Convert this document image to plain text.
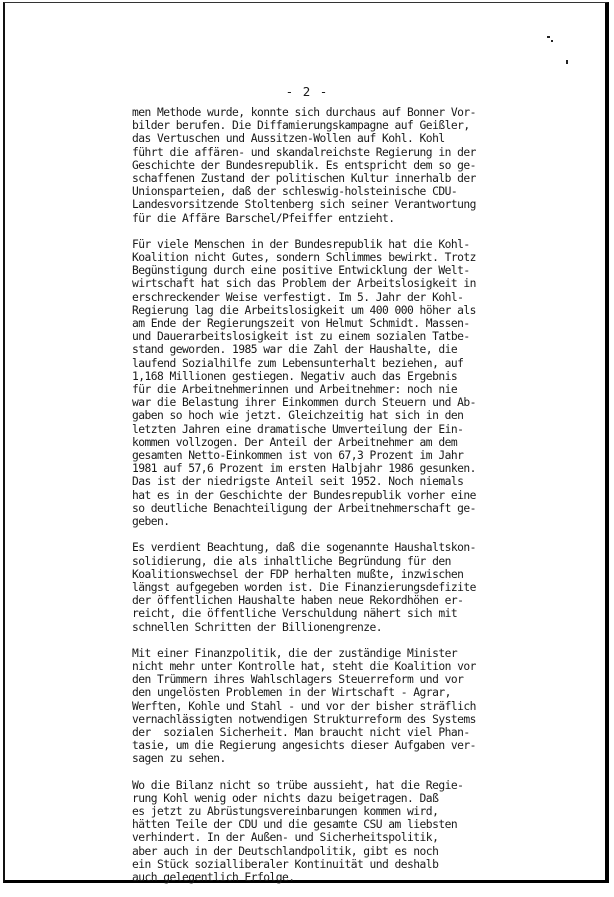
- 2 -
men Methode wurde, konnte sich durchaus auf Bonner Vor-
bilder berufen. Die Diffamierungskampagne auf Geißler,
das Vertuschen und Aussitzen-Wollen auf Kohl. Kohl
führt die affären- und skandalreichste Regierung in der
Geschichte der Bundesrepublik. Es entspricht dem so ge-
schaffenen Zustand der politischen Kultur innerhalb der
Unionsparteien, daß der schleswig-holsteinische CDU-
Landesvorsitzende Stoltenberg sich seiner Verantwortung
für die Affäre Barschel/Pfeiffer entzieht.
Für viele Menschen in der Bundesrepublik hat die Kohl-
Koalition nicht Gutes, sondern Schlimmes bewirkt. Trotz
Begünstigung durch eine positive Entwicklung der Welt-
wirtschaft hat sich das Problem der Arbeitslosigkeit in
erschreckender Weise verfestigt. Im 5. Jahr der Kohl-
Regierung lag die Arbeitslosigkeit um 400 000 höher als
am Ende der Regierungszeit von Helmut Schmidt. Massen-
und Dauerarbeitslosigkeit ist zu einem sozialen Tatbe-
stand geworden. 1985 war die Zahl der Haushalte, die
laufend Sozialhilfe zum Lebensunterhalt beziehen, auf
1,168 Millionen gestiegen. Negativ auch das Ergebnis
für die Arbeitnehmerinnen und Arbeitnehmer: noch nie
war die Belastung ihrer Einkommen durch Steuern und Ab-
gaben so hoch wie jetzt. Gleichzeitig hat sich in den
letzten Jahren eine dramatische Umverteilung der Ein-
kommen vollzogen. Der Anteil der Arbeitnehmer am dem
gesamten Netto-Einkommen ist von 67,3 Prozent im Jahr
1981 auf 57,6 Prozent im ersten Halbjahr 1986 gesunken.
Das ist der niedrigste Anteil seit 1952. Noch niemals
hat es in der Geschichte der Bundesrepublik vorher eine
so deutliche Benachteiligung der Arbeitnehmerschaft ge-
geben.
Es verdient Beachtung, daß die sogenannte Haushaltskon-
solidierung, die als inhaltliche Begründung für den
Koalitionswechsel der FDP herhalten mußte, inzwischen
längst aufgegeben worden ist. Die Finanzierungsdefizite
der öffentlichen Haushalte haben neue Rekordhöhen er-
reicht, die öffentliche Verschuldung nähert sich mit
schnellen Schritten der Billionengrenze.
Mit einer Finanzpolitik, die der zuständige Minister
nicht mehr unter Kontrolle hat, steht die Koalition vor
den Trümmern ihres Wahlschlagers Steuerreform und vor
den ungelösten Problemen in der Wirtschaft - Agrar,
Werften, Kohle und Stahl - und vor der bisher sträflich
vernachlässigten notwendigen Strukturreform des Systems
der  sozialen Sicherheit. Man braucht nicht viel Phan-
tasie, um die Regierung angesichts dieser Aufgaben ver-
sagen zu sehen.
Wo die Bilanz nicht so trübe aussieht, hat die Regie-
rung Kohl wenig oder nichts dazu beigetragen. Daß
es jetzt zu Abrüstungsvereinbarungen kommen wird,
hätten Teile der CDU und die gesamte CSU am liebsten
verhindert. In der Außen- und Sicherheitspolitik,
aber auch in der Deutschlandpolitik, gibt es noch
ein Stück sozialliberaler Kontinuität und deshalb
auch gelegentlich Erfolge.
